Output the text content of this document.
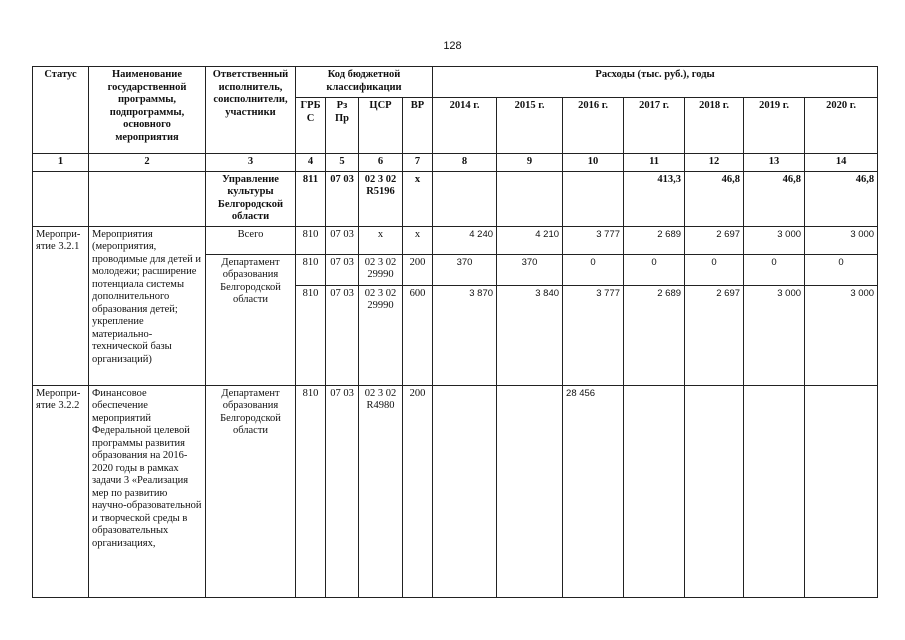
128
Статус	Наименование государственной программы, подпрограммы, основного мероприятия	Ответственный исполнитель, соисполнители, участники	Код бюджетной классификации				Расходы (тыс. руб.), годы						
			ГРБ С	Рз Пр	ЦСР	ВР	2014 г.	2015 г.	2016 г.	2017 г.	2018 г.	2019 г.	2020 г.
1	2	3	4	5	6	7	8	9	10	11	12	13	14
		Управление культуры Белгородской области	811	07 03	02 3 02 R5196	х				413,3	46,8	46,8	46,8
Меропри-ятие 3.2.1	Мероприятия (мероприятия, проводимые для детей и молодежи; расширение потенциала системы дополнительного образования детей; укрепление материально-технической базы организаций)	Всего	810	07 03	х	х	4 240	4 210	3 777	2 689	2 697	3 000	3 000
		Департамент образования Белгородской области	810	07 03	02 3 02 29990	200	370	370	0	0	0	0	0
			810	07 03	02 3 02 29990	600	3 870	3 840	3 777	2 689	2 697	3 000	3 000
Меропри-ятие 3.2.2	Финансовое обеспечение мероприятий Федеральной целевой программы развития образования на 2016-2020 годы в рамках задачи 3 «Реализация мер по развитию научно-образовательной и творческой среды в образовательных организациях,	Департамент образования Белгородской области	810	07 03	02 3 02 R4980	200			28 456				
